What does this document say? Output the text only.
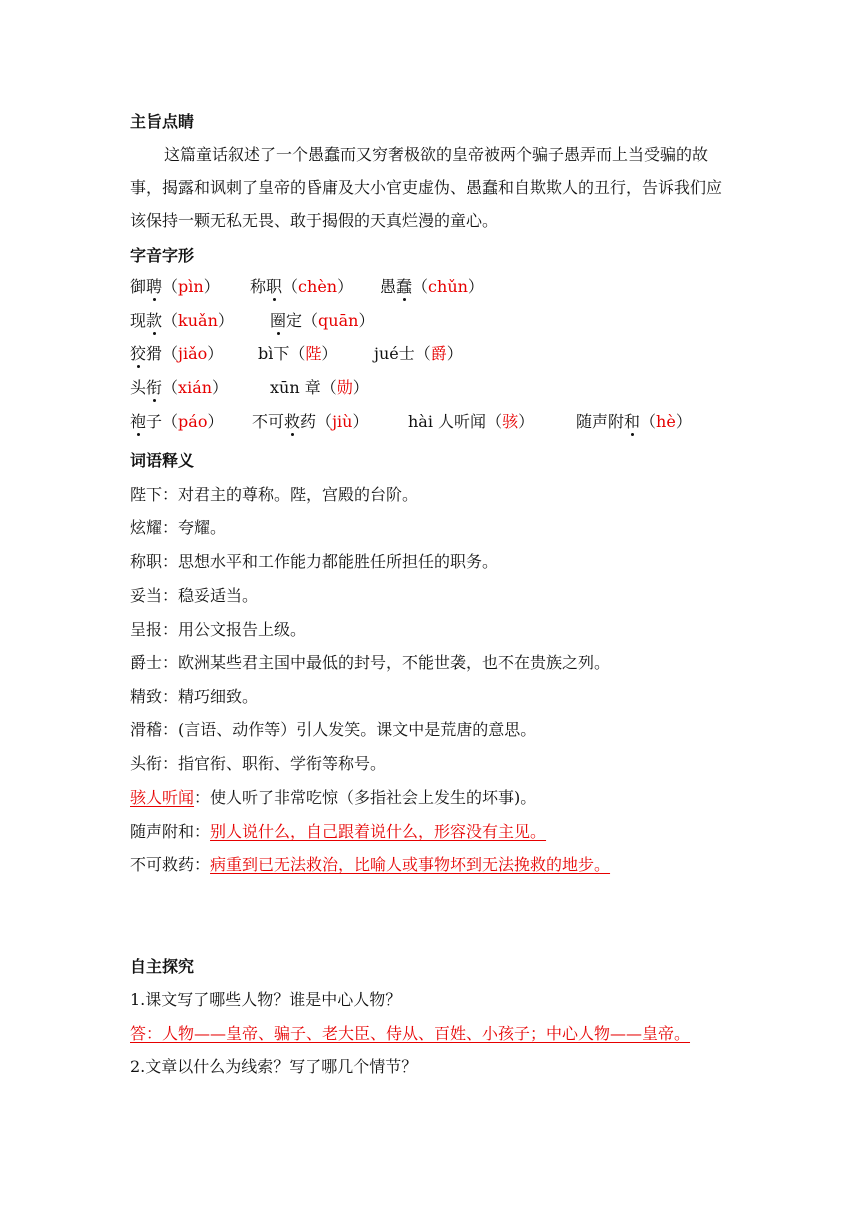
主旨点睛
这篇童话叙述了一个愚蠢而又穷奢极欲的皇帝被两个骗子愚弄而上当受骗的故事，揭露和讽刺了皇帝的昏庸及大小官吏虚伪、愚蠢和自欺欺人的丑行，告诉我们应该保持一颗无私无畏、敢于揭假的天真烂漫的童心。
字音字形
御聘（pìn） 称职（chèn） 愚蠢（chǔn）
现款（kuǎn） 圈定（quān）
狡猾（jiǎo） bì下（陛） jué士（爵）
头衔（xián）	xūn 章（勋）
袍子（páo） 不可救药（jiù） hài 人听闻（骇）	随声附和（hè）
词语释义
陛下：对君主的尊称。陛，宫殿的台阶。
炫耀：夸耀。
称职：思想水平和工作能力都能胜任所担任的职务。
妥当：稳妥适当。
呈报：用公文报告上级。
爵士：欧洲某些君主国中最低的封号，不能世袭，也不在贵族之列。
精致：精巧细致。
滑稽：(言语、动作等）引人发笑。课文中是荒唐的意思。
头衔：指官衔、职衔、学衔等称号。
骇人听闻：使人听了非常吃惊（多指社会上发生的坏事)。
随声附和：别人说什么，自己跟着说什么，形容没有主见。
不可救药：病重到已无法救治，比喻人或事物坏到无法挽救的地步。
自主探究
1.课文写了哪些人物？谁是中心人物？
答：人物——皇帝、骗子、老大臣、侍从、百姓、小孩子；中心人物——皇帝。
2.文章以什么为线索？写了哪几个情节？
